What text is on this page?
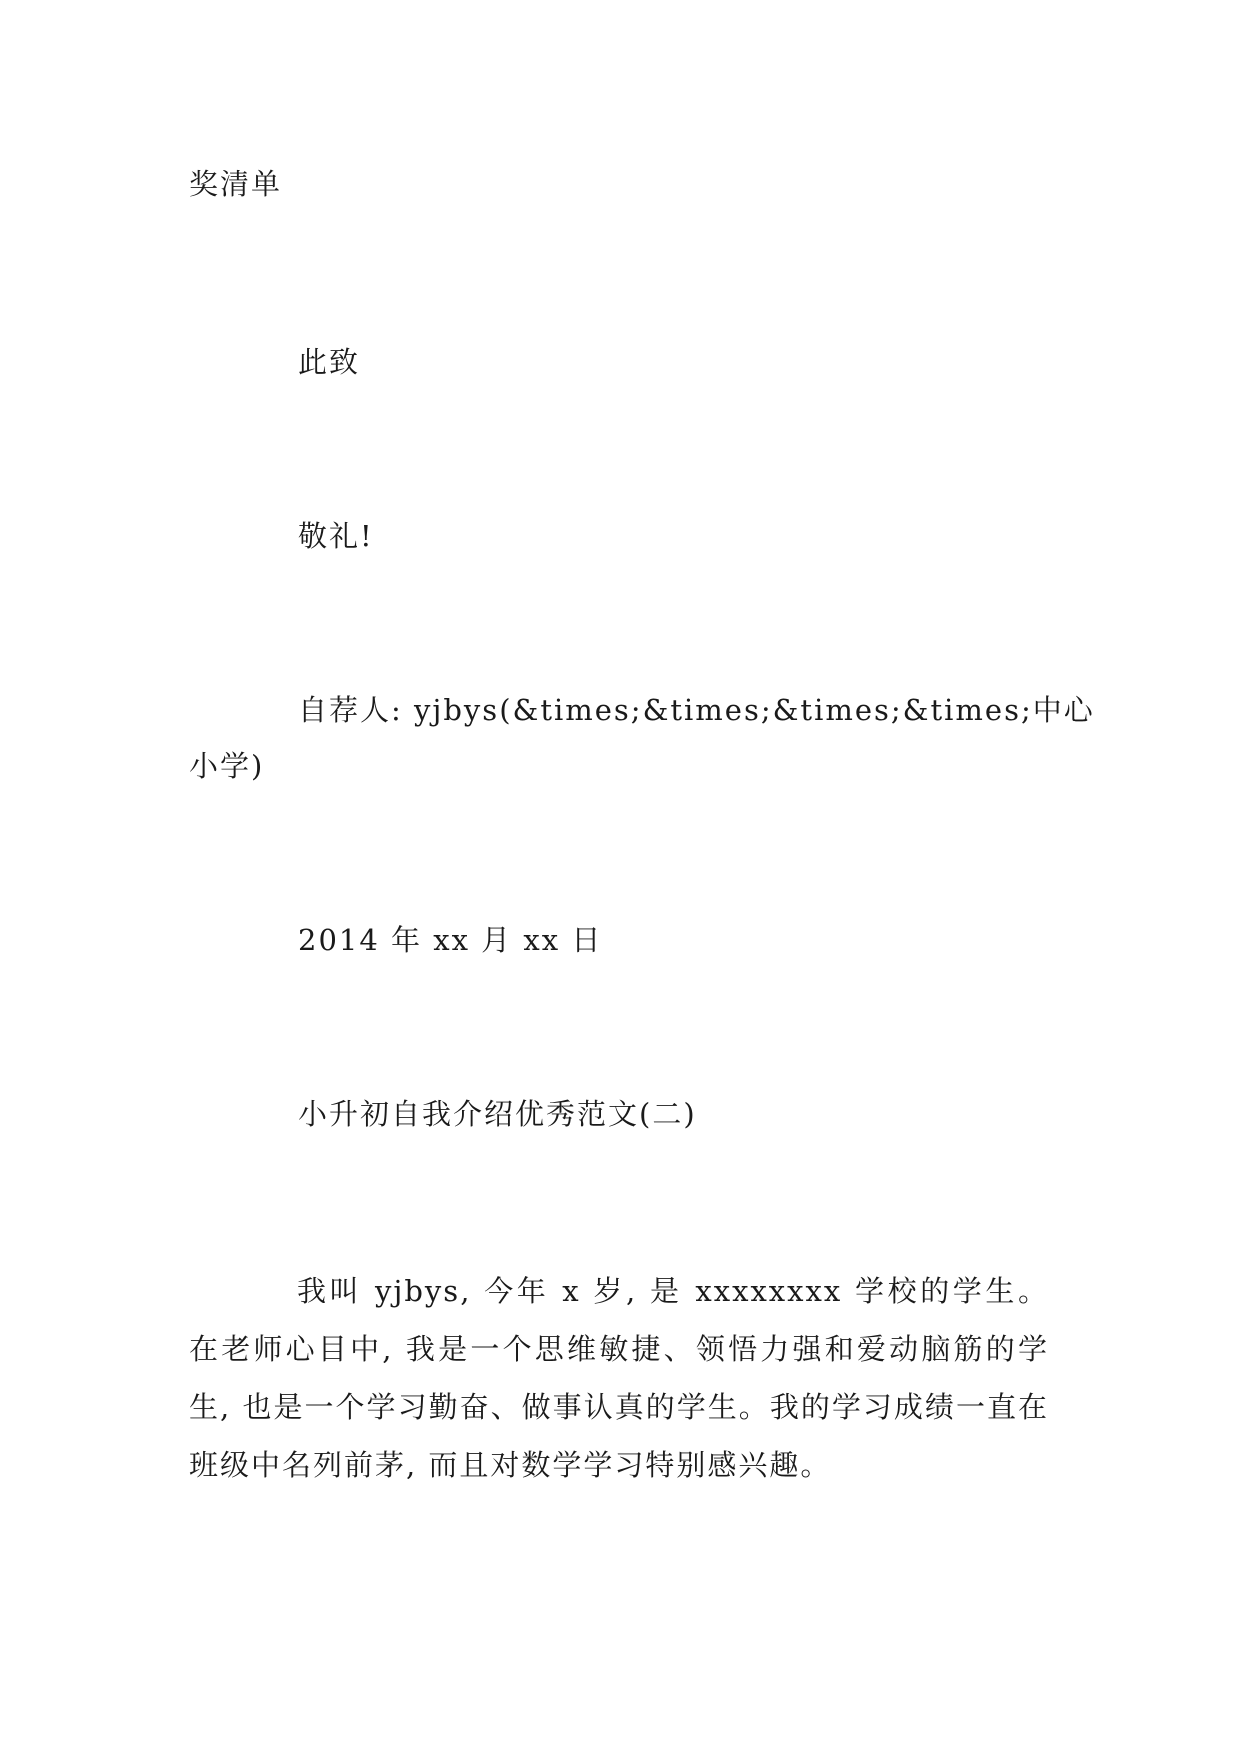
奖清单
此致
敬礼!
自荐人: yjbys(&times;&times;&times;&times;中心
小学)
2014 年 xx 月 xx 日
小升初自我介绍优秀范文(二)
我叫 yjbys, 今年 x 岁, 是 xxxxxxxx 学校的学生。在老师心目中, 我是一个思维敏捷、领悟力强和爱动脑筋的学生, 也是一个学习勤奋、做事认真的学生。我的学习成绩一直在班级中名列前茅, 而且对数学学习特别感兴趣。
